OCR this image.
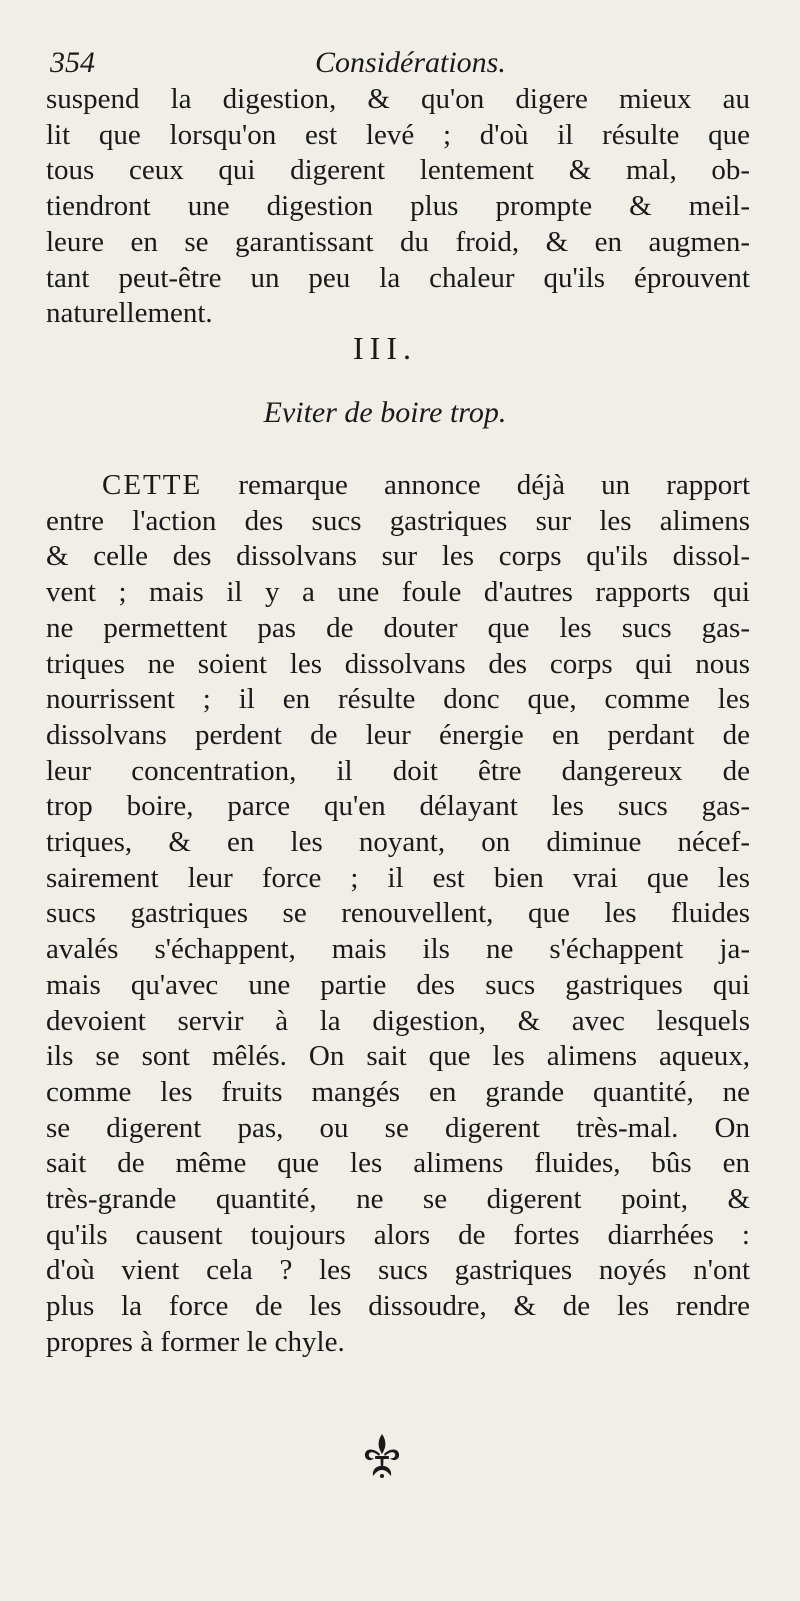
354	Considérations.
suspend la digestion, & qu'on digere mieux au
lit que lorsqu'on est levé ; d'où il résulte que
tous ceux qui digerent lentement & mal, ob-
tiendront une digestion plus prompte & meil-
leure en se garantissant du froid, & en augmen-
tant peut-être un peu la chaleur qu'ils éprouvent
naturellement.
III.
Eviter de boire trop.
CETTE remarque annonce déjà un rapport
entre l'action des sucs gastriques sur les alimens
& celle des dissolvans sur les corps qu'ils dissol-
vent ; mais il y a une foule d'autres rapports qui
ne permettent pas de douter que les sucs gas-
triques ne soient les dissolvans des corps qui nous
nourrissent ; il en résulte donc que, comme les
dissolvans perdent de leur énergie en perdant de
leur concentration, il doit être dangereux de
trop boire, parce qu'en délayant les sucs gas-
triques, & en les noyant, on diminue nécef-
sairement leur force ; il est bien vrai que les
sucs gastriques se renouvellent, que les fluides
avalés s'échappent, mais ils ne s'échappent ja-
mais qu'avec une partie des sucs gastriques qui
devoient servir à la digestion, & avec lesquels
ils se sont mêlés. On sait que les alimens aqueux,
comme les fruits mangés en grande quantité, ne
se digerent pas, ou se digerent très-mal. On
sait de même que les alimens fluides, bûs en
très-grande quantité, ne se digerent point, &
qu'ils causent toujours alors de fortes diarrhées :
d'où vient cela ? les sucs gastriques noyés n'ont
plus la force de les dissoudre, & de les rendre
propres à former le chyle.
